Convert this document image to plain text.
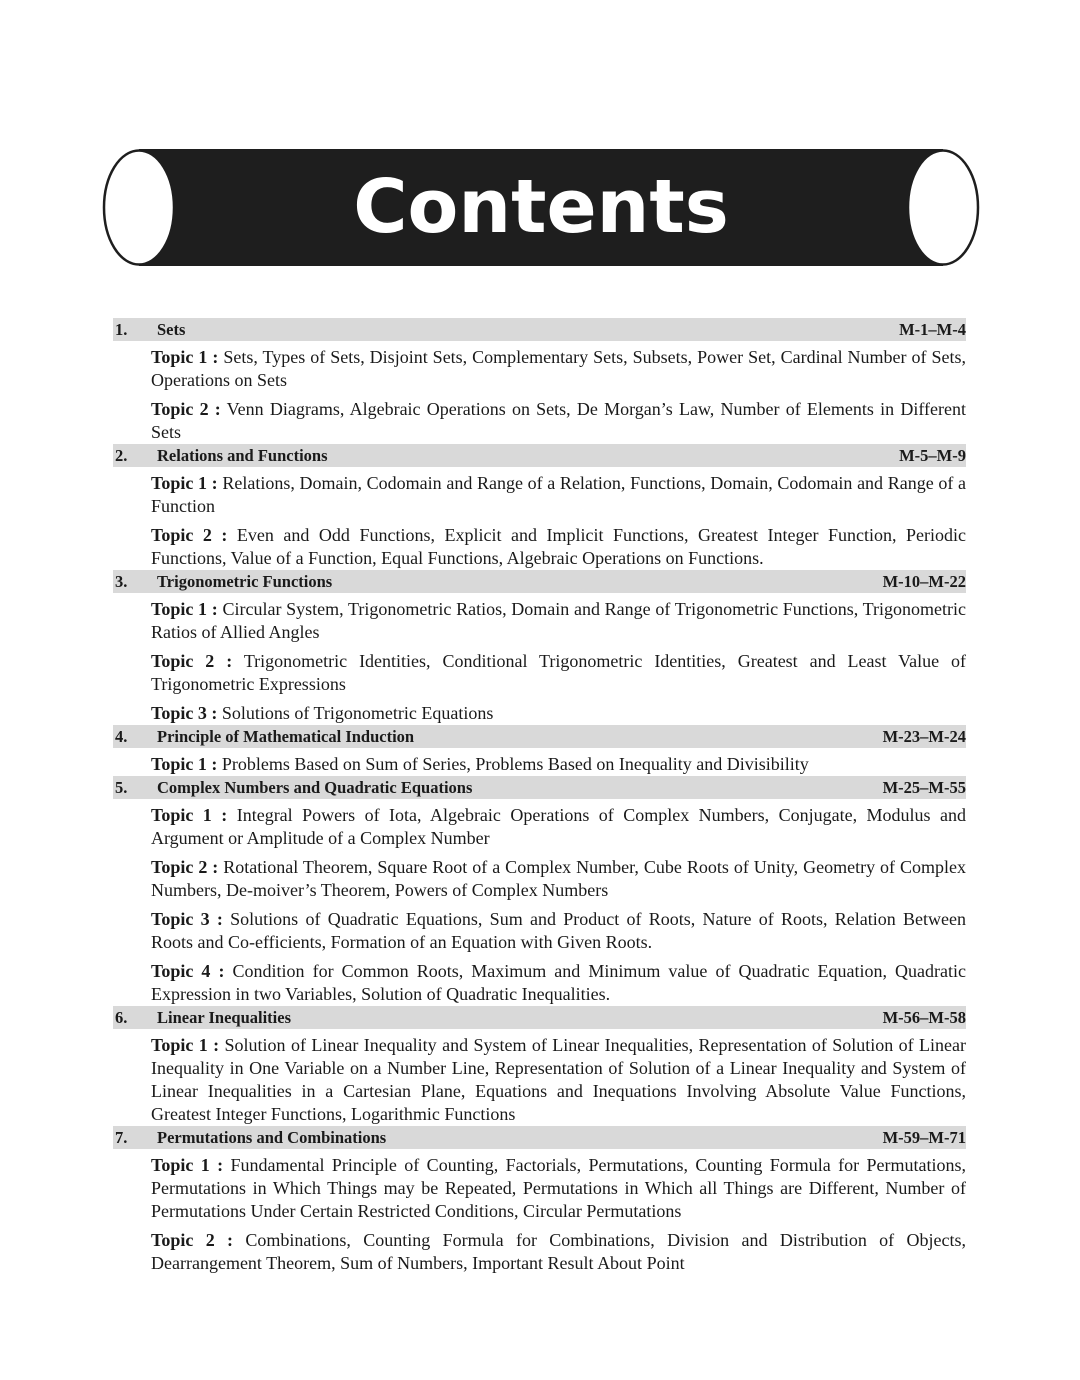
Contents
1.	Sets	M-1–M-4

Topic 1 : Sets, Types of Sets, Disjoint Sets, Complementary Sets, Subsets, Power Set, Cardinal Number of Sets, Operations on Sets

Topic 2 : Venn Diagrams, Algebraic Operations on Sets, De Morgan’s Law, Number of Elements in Different Sets

2.	Relations and Functions	M-5–M-9

Topic 1 : Relations, Domain, Codomain and Range of a Relation, Functions, Domain, Codomain and Range of a Function

Topic 2 : Even and Odd Functions, Explicit and Implicit Functions, Greatest Integer Function, Periodic Functions, Value of a Function, Equal Functions, Algebraic Operations on Functions.

3.	Trigonometric Functions	M-10–M-22

Topic 1 : Circular System, Trigonometric Ratios, Domain and Range of Trigonometric Functions, Trigonometric Ratios of Allied Angles

Topic 2 : Trigonometric Identities, Conditional Trigonometric Identities, Greatest and Least Value of Trigonometric Expressions

Topic 3 : Solutions of Trigonometric Equations

4.	Principle of Mathematical Induction	M-23–M-24

Topic 1 : Problems Based on Sum of Series, Problems Based on Inequality and Divisibility

5.	Complex Numbers and Quadratic Equations	M-25–M-55

Topic 1 : Integral Powers of Iota, Algebraic Operations of Complex Numbers, Conjugate, Modulus and Argument or Amplitude of a Complex Number

Topic 2 : Rotational Theorem, Square Root of a Complex Number, Cube Roots of Unity, Geometry of Complex Numbers, De-moiver’s Theorem, Powers of Complex Numbers

Topic 3 : Solutions of Quadratic Equations, Sum and Product of Roots, Nature of Roots, Relation Between Roots and Co-efficients, Formation of an Equation with Given Roots.

Topic 4 : Condition for Common Roots, Maximum and Minimum value of Quadratic Equation, Quadratic Expression in two Variables, Solution of Quadratic Inequalities.

6.	Linear Inequalities	M-56–M-58

Topic 1 : Solution of Linear Inequality and System of Linear Inequalities, Representation of Solution of Linear Inequality in One Variable on a Number Line, Representation of Solution of a Linear Inequality and System of Linear Inequalities in a Cartesian Plane, Equations and Inequations Involving Absolute Value Functions, Greatest Integer Functions, Logarithmic Functions

7.	Permutations and Combinations	M-59–M-71

Topic 1 : Fundamental Principle of Counting, Factorials, Permutations, Counting Formula for Permutations, Permutations in Which Things may be Repeated, Permutations in Which all Things are Different, Number of Permutations Under Certain Restricted Conditions, Circular Permutations

Topic 2 : Combinations, Counting Formula for Combinations, Division and Distribution of Objects, Dearrangement Theorem, Sum of Numbers, Important Result About Point
